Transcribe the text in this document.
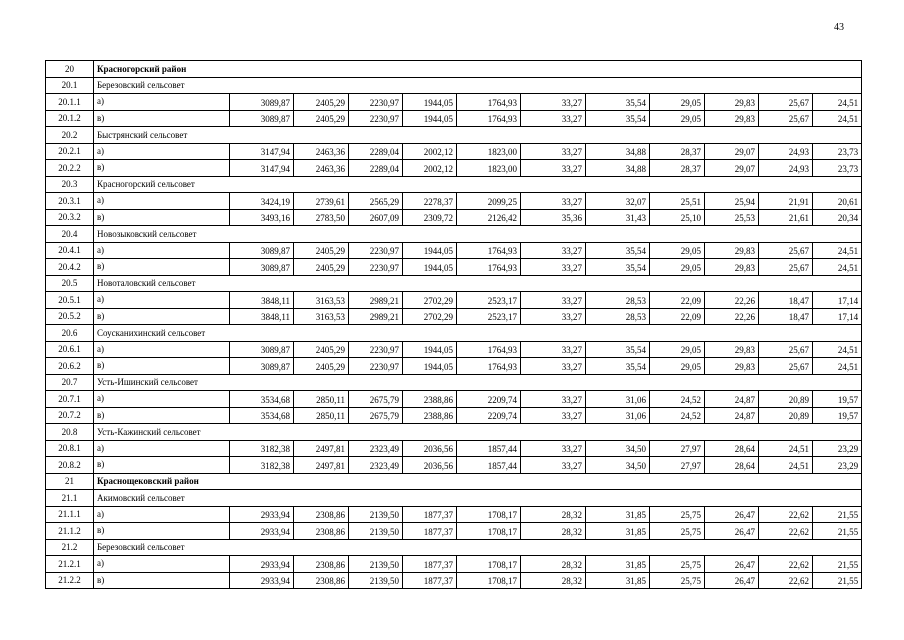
43
20	Красногорский район											
20.1	Березовский сельсовет											
20.1.1	а)	3089,87	2405,29	2230,97	1944,05	1764,93	33,27	35,54	29,05	29,83	25,67	24,51
20.1.2	в)	3089,87	2405,29	2230,97	1944,05	1764,93	33,27	35,54	29,05	29,83	25,67	24,51
20.2	Быстрянский сельсовет											
20.2.1	а)	3147,94	2463,36	2289,04	2002,12	1823,00	33,27	34,88	28,37	29,07	24,93	23,73
20.2.2	в)	3147,94	2463,36	2289,04	2002,12	1823,00	33,27	34,88	28,37	29,07	24,93	23,73
20.3	Красногорский сельсовет											
20.3.1	а)	3424,19	2739,61	2565,29	2278,37	2099,25	33,27	32,07	25,51	25,94	21,91	20,61
20.3.2	в)	3493,16	2783,50	2607,09	2309,72	2126,42	35,36	31,43	25,10	25,53	21,61	20,34
20.4	Новозыковский сельсовет											
20.4.1	а)	3089,87	2405,29	2230,97	1944,05	1764,93	33,27	35,54	29,05	29,83	25,67	24,51
20.4.2	в)	3089,87	2405,29	2230,97	1944,05	1764,93	33,27	35,54	29,05	29,83	25,67	24,51
20.5	Новоталовский сельсовет											
20.5.1	а)	3848,11	3163,53	2989,21	2702,29	2523,17	33,27	28,53	22,09	22,26	18,47	17,14
20.5.2	в)	3848,11	3163,53	2989,21	2702,29	2523,17	33,27	28,53	22,09	22,26	18,47	17,14
20.6	Соусканихинский сельсовет											
20.6.1	а)	3089,87	2405,29	2230,97	1944,05	1764,93	33,27	35,54	29,05	29,83	25,67	24,51
20.6.2	в)	3089,87	2405,29	2230,97	1944,05	1764,93	33,27	35,54	29,05	29,83	25,67	24,51
20.7	Усть-Ишинский сельсовет											
20.7.1	а)	3534,68	2850,11	2675,79	2388,86	2209,74	33,27	31,06	24,52	24,87	20,89	19,57
20.7.2	в)	3534,68	2850,11	2675,79	2388,86	2209,74	33,27	31,06	24,52	24,87	20,89	19,57
20.8	Усть-Кажинский сельсовет											
20.8.1	а)	3182,38	2497,81	2323,49	2036,56	1857,44	33,27	34,50	27,97	28,64	24,51	23,29
20.8.2	в)	3182,38	2497,81	2323,49	2036,56	1857,44	33,27	34,50	27,97	28,64	24,51	23,29
21	Краснощековский район											
21.1	Акимовский сельсовет											
21.1.1	а)	2933,94	2308,86	2139,50	1877,37	1708,17	28,32	31,85	25,75	26,47	22,62	21,55
21.1.2	в)	2933,94	2308,86	2139,50	1877,37	1708,17	28,32	31,85	25,75	26,47	22,62	21,55
21.2	Березовский сельсовет											
21.2.1	а)	2933,94	2308,86	2139,50	1877,37	1708,17	28,32	31,85	25,75	26,47	22,62	21,55
21.2.2	в)	2933,94	2308,86	2139,50	1877,37	1708,17	28,32	31,85	25,75	26,47	22,62	21,55
